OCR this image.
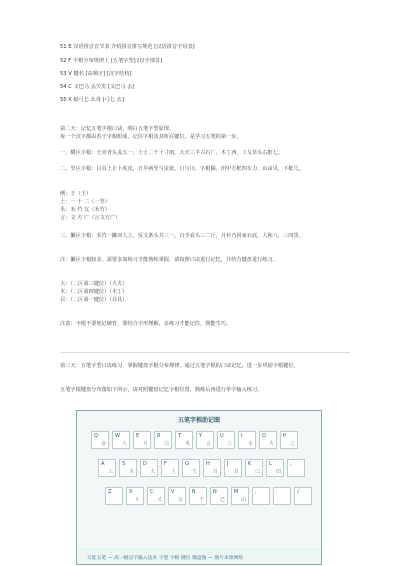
51 E 汉语拼音音节表 介绍拼音拼写规范 [汉语拼音字母表]
52 F 字根分布规律上 [五笔字型] [汉字部首]
53 V 键名 [高频字] [汉字结构]
54 C 又巴马 丢矢矣 [又巴马 丢]
55 X 纸弓匕 幺母 [弓匕 幺]
第二天：记忆五笔字根口诀，明白五笔字型原理。
每一个汉字都由若干字根组成，记住字根及其所在键位，是学习五笔的第一步。
一、横区字根：王旁青头戋五一，土士二干十寸雨，大犬三羊古石厂，木丁西，工戈草头右框七。
二、竖区字根：目具上止卜虎皮，日早两竖与虫依，口与川，字根稀，田甲方框四车力，山由贝，下框几。
例：王（王）
土：一 十 二（一竖）
禾：禾 竹 攵（禾竹）
言：文 方 广（言文方广）
三、撇区字根：禾竹一撇双人立，反文条头共三一，白手看头三二斤，月衫乃用家衣底，人和八，三四里。
注：撇区字根较多，需要多加练习才能熟练掌握，请按照口诀进行记忆，并结合键盘进行练习。
大：（二区第三键位）（大犬）
木：（二区第四键位）（木丁）
目：（二区第一键位）（目具）
注意：字根不要死记硬背，要结合字形理解，多练习才能记住，熟能生巧。
第三天：五笔字型口诀练习，掌握键盘字根分布规律，通过五笔字根的口诀记忆，进一步巩固字根键位。
五笔字根键盘分布图如下所示，请对照键盘记忆字根位置，熟练后再进行单字输入练习。
五笔字根助记图
Q
金
W
人
E
月
R
白
T
禾
Y
言
U
立
I
水
O
火
P
之
A
工
S
木
D
大
F
土
G
王
H
目
J
日
K
口
L
田
;
Z	X
纟
C
又
V
女
B
子
N
已
M
山
,	.	/
万能五笔 — 高一级汉字输入技术 字型 字根 键位 键盘图 — 图片来源网络
